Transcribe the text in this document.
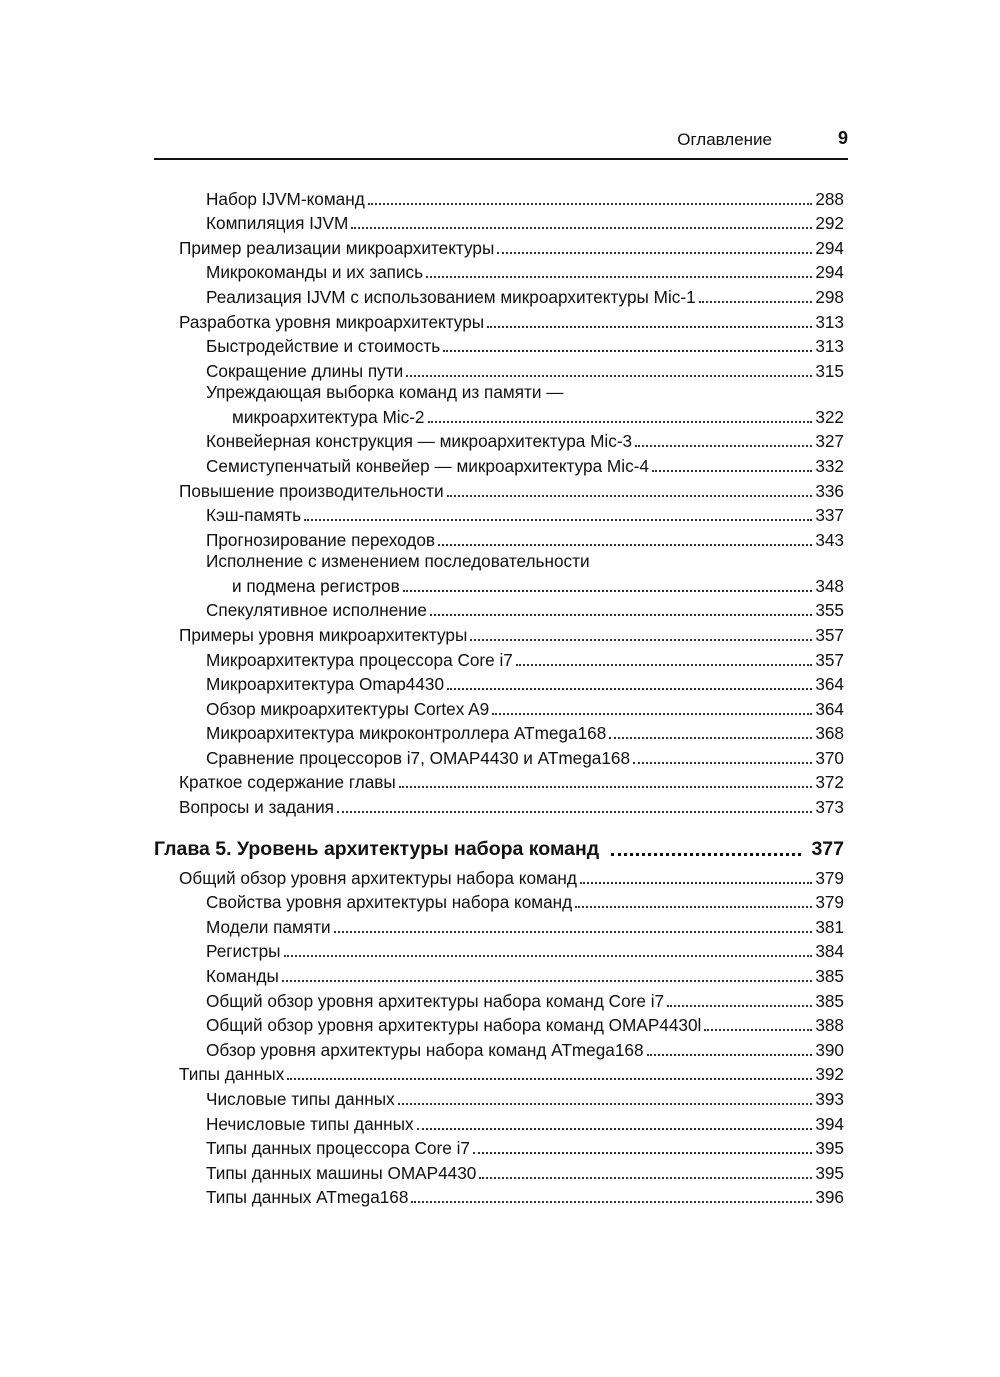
Оглавление	9
Набор IJVM-команд	288
Компиляция IJVM	292
Пример реализации микроархитектуры	294
Микрокоманды и их запись	294
Реализация IJVM с использованием микроархитектуры Mic-1	298
Разработка уровня микроархитектуры	313
Быстродействие и стоимость	313
Сокращение длины пути	315
Упреждающая выборка команд из памяти —
микроархитектура Mic-2	322
Конвейерная конструкция — микроархитектура Mic-3	327
Семиступенчатый конвейер — микроархитектура Mic-4	332
Повышение производительности	336
Кэш-память	337
Прогнозирование переходов	343
Исполнение с изменением последовательности
и подмена регистров	348
Спекулятивное исполнение	355
Примеры уровня микроархитектуры	357
Микроархитектура процессора Core i7	357
Микроархитектура Omap4430	364
Обзор микроархитектуры Cortex A9	364
Микроархитектура микроконтроллера ATmega168	368
Сравнение процессоров i7, OMAP4430 и ATmega168	370
Краткое содержание главы	372
Вопросы и задания	373
Глава 5. Уровень архитектуры набора команд	377
Общий обзор уровня архитектуры набора команд	379
Свойства уровня архитектуры набора команд	379
Модели памяти	381
Регистры	384
Команды	385
Общий обзор уровня архитектуры набора команд Core i7	385
Общий обзор уровня архитектуры набора команд OMAP4430l	388
Обзор уровня архитектуры набора команд ATmega168	390
Типы данных	392
Числовые типы данных	393
Нечисловые типы данных	394
Типы данных процессора Core i7	395
Типы данных машины OMAP4430	395
Типы данных ATmega168	396
